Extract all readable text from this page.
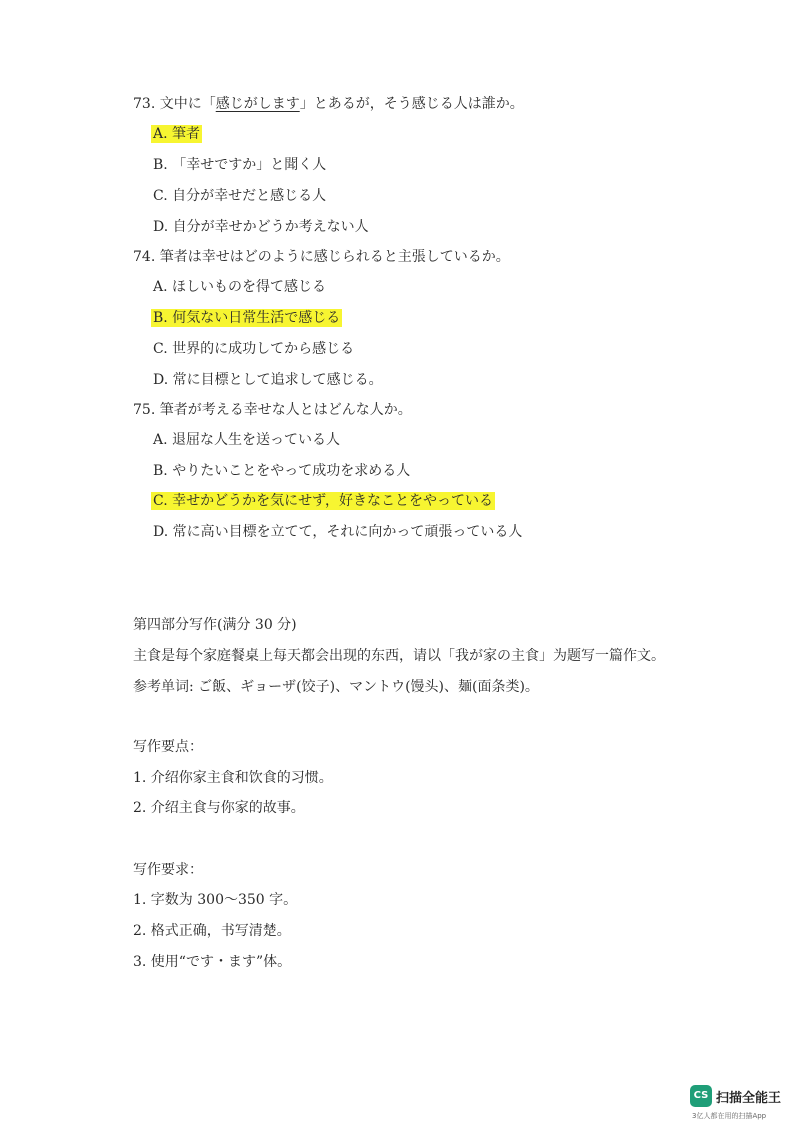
73. 文中に「感じがします」とあるが，そう感じる人は誰か。
A. 筆者
B. 「幸せですか」と聞く人
C. 自分が幸せだと感じる人
D. 自分が幸せかどうか考えない人
74. 筆者は幸せはどのように感じられると主張しているか。
A. ほしいものを得て感じる
B. 何気ない日常生活で感じる
C. 世界的に成功してから感じる
D. 常に目標として追求して感じる。
75. 筆者が考える幸せな人とはどんな人か。
A. 退屈な人生を送っている人
B. やりたいことをやって成功を求める人
C. 幸せかどうかを気にせず，好きなことをやっている
D. 常に高い目標を立てて，それに向かって頑張っている人
第四部分写作(满分 30 分)
主食是每个家庭餐桌上每天都会出现的东西，请以「我が家の主食」为题写一篇作文。
参考单词: ご飯、ギョーザ(饺子)、マントウ(馒头)、麺(面条类)。
写作要点：
1. 介绍你家主食和饮食的习惯。
2. 介绍主食与你家的故事。
写作要求：
1. 字数为 300〜350 字。
2. 格式正确，书写清楚。
3. 使用“です・ます”体。
CS 扫描全能王
3亿人都在用的扫描App
